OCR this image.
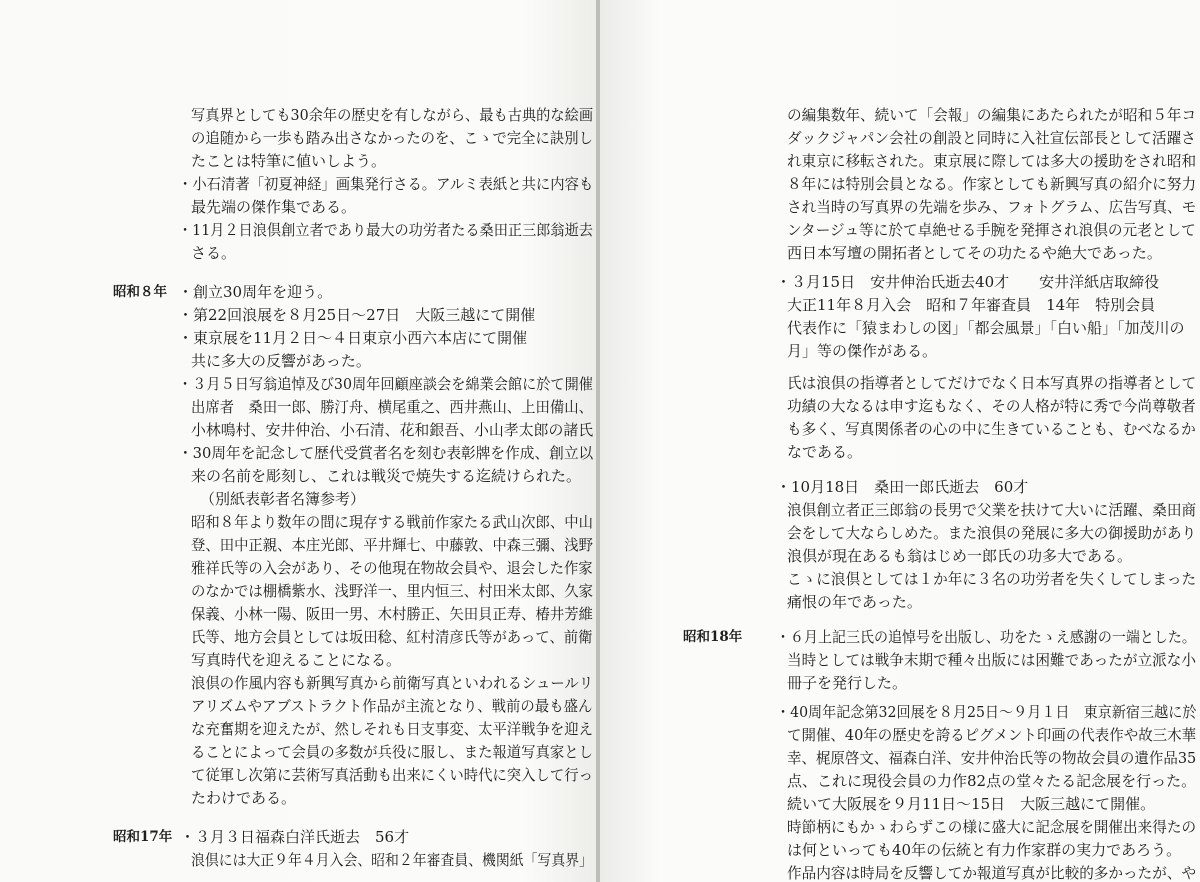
昭和８年
昭和17年
写真界としても30余年の歴史を有しながら、最も古典的な絵画
の追随から一歩も踏み出さなかったのを、こゝで完全に訣別し
たことは特筆に値いしよう。
・小石清著「初夏神経」画集発行さる。アルミ表紙と共に内容も
最先端の傑作集である。
・11月２日浪倶創立者であり最大の功労者たる桑田正三郎翁逝去
さる。
・創立30周年を迎う。
・第22回浪展を８月25日～27日　大阪三越にて開催
・東京展を11月２日～４日東京小西六本店にて開催
共に多大の反響があった。
・３月５日写翁追悼及び30周年回顧座談会を綿業会館に於て開催
出席者　桑田一郎、勝汀舟、横尾重之、西井燕山、上田備山、
小林鳴村、安井仲治、小石清、花和銀吾、小山孝太郎の諸氏
・30周年を記念して歴代受賞者名を刻む表彰牌を作成、創立以
来の名前を彫刻し、これは戦災で焼失する迄続けられた。
（別紙表彰者名簿参考）
昭和８年より数年の間に現存する戦前作家たる武山次郎、中山
登、田中正親、本庄光郎、平井輝七、中藤敦、中森三彌、浅野
雅祥氏等の入会があり、その他現在物故会員や、退会した作家
のなかでは棚橋紫水、浅野洋一、里内恒三、村田米太郎、久家
保義、小林一陽、阪田一男、木村勝正、矢田貝正寿、椿井芳維
氏等、地方会員としては坂田稔、紅村清彦氏等があって、前衛
写真時代を迎えることになる。
浪倶の作風内容も新興写真から前衛写真といわれるシュールリ
アリズムやアブストラクト作品が主流となり、戦前の最も盛ん
な充奮期を迎えたが、然しそれも日支事変、太平洋戦争を迎え
ることによって会員の多数が兵役に服し、また報道写真家とし
て従軍し次第に芸術写真活動も出来にくい時代に突入して行っ
たわけである。
・３月３日福森白洋氏逝去　56才
浪倶には大正９年４月入会、昭和２年審査員、機関紙「写真界」
昭和18年
の編集数年、続いて「会報」の編集にあたられたが昭和５年コ
ダックジャパン会社の創設と同時に入社宣伝部長として活躍さ
れ東京に移転された。東京展に際しては多大の援助をされ昭和
８年には特別会員となる。作家としても新興写真の紹介に努力
され当時の写真界の先端を歩み、フォトグラム、広告写真、モ
ンタージュ等に於て卓絶せる手腕を発揮され浪倶の元老として
西日本写壇の開拓者としてその功たるや絶大であった。
・３月15日　安井伸治氏逝去40才　　安井洋紙店取締役
大正11年８月入会　昭和７年審査員　14年　特別会員
代表作に「猿まわしの図」「都会風景」「白い船」「加茂川の
月」等の傑作がある。
氏は浪倶の指導者としてだけでなく日本写真界の指導者として
功績の大なるは申す迄もなく、その人格が特に秀で今尚尊敬者
も多く、写真関係者の心の中に生きていることも、むべなるか
なである。
・10月18日　桑田一郎氏逝去　60才
浪倶創立者正三郎翁の長男で父業を扶けて大いに活躍、桑田商
会をして大ならしめた。また浪倶の発展に多大の御援助があり
浪倶が現在あるも翁はじめ一郎氏の功多大である。
こゝに浪倶としては１か年に３名の功労者を失くしてしまった
痛恨の年であった。
・６月上記三氏の追悼号を出版し、功をたゝえ感謝の一端とした。
当時としては戦争末期で種々出版には困難であったが立派な小
冊子を発行した。
・40周年記念第32回展を８月25日～９月１日　東京新宿三越に於
て開催、40年の歴史を誇るピグメント印画の代表作や故三木華
幸、梶原啓文、福森白洋、安井仲治氏等の物故会員の遺作品35
点、これに現役会員の力作82点の堂々たる記念展を行った。
続いて大阪展を９月11日～15日　大阪三越にて開催。
時節柄にもかゝわらずこの様に盛大に記念展を開催出来得たの
は何といっても40年の伝統と有力作家群の実力であろう。
作品内容は時局を反響してか報道写真が比較的多かったが、や
